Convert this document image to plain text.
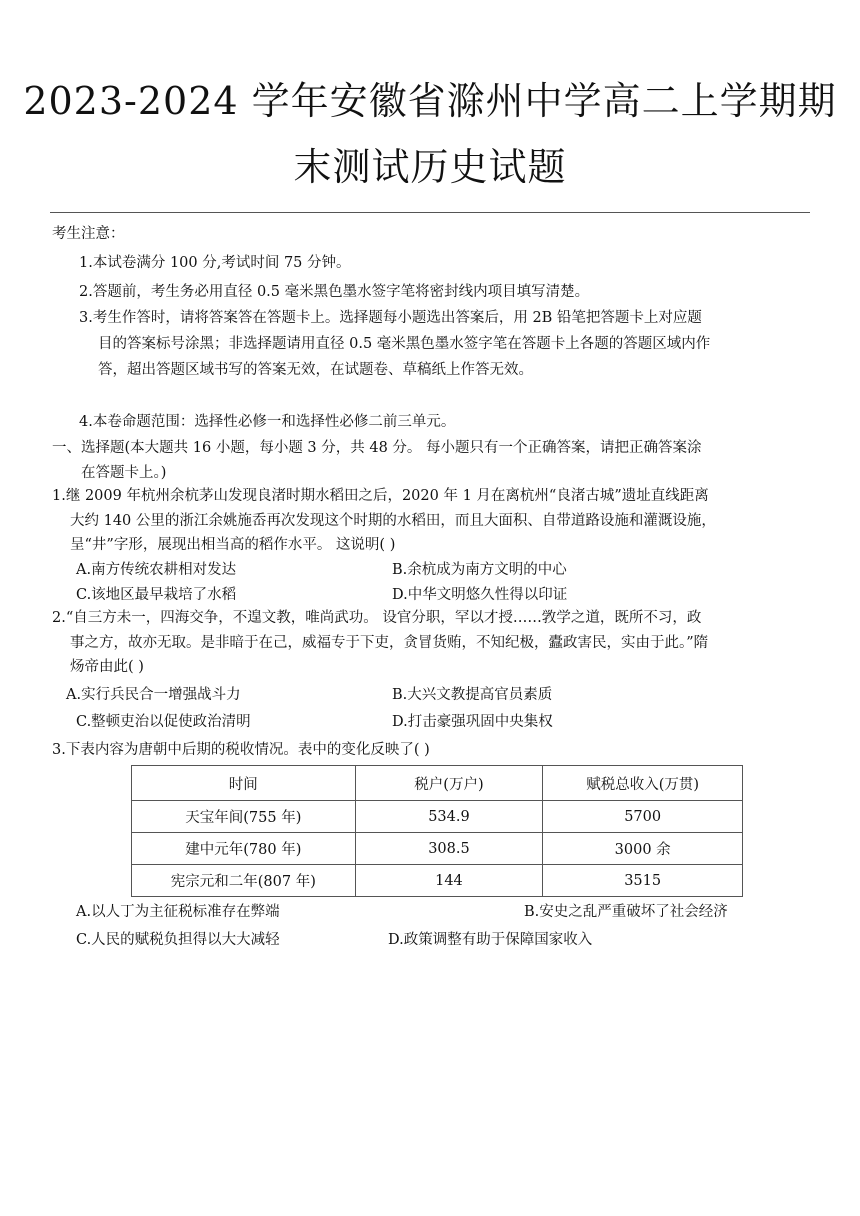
2023-2024 学年安徽省滁州中学高二上学期期
末测试历史试题
考生注意：
1.本试卷满分 100 分,考试时间 75 分钟。
2.答题前，考生务必用直径 0.5 毫米黑色墨水签字笔将密封线内项目填写清楚。
3.考生作答时，请将答案答在答题卡上。选择题每小题选出答案后，用 2B 铅笔把答题卡上对应题
目的答案标号涂黑；非选择题请用直径 0.5 毫米黑色墨水签字笔在答题卡上各题的答题区域内作
答，超出答题区域书写的答案无效，在试题卷、草稿纸上作答无效。
4.本卷命题范围：选择性必修一和选择性必修二前三单元。
一、选择题(本大题共 16 小题，每小题 3 分，共 48 分。 每小题只有一个正确答案，请把正确答案涂
在答题卡上。)
1.继 2009 年杭州余杭茅山发现良渚时期水稻田之后，2020 年 1 月在离杭州“良渚古城”遗址直线距离
大约 140 公里的浙江余姚施岙再次发现这个时期的水稻田，而且大面积、自带道路设施和灌溉设施，
呈“井”字形，展现出相当高的稻作水平。 这说明( )
A.南方传统农耕相对发达	B.余杭成为南方文明的中心
C.该地区最早栽培了水稻	D.中华文明悠久性得以印证
2.“自三方未一，四海交争，不遑文教，唯尚武功。 设官分职，罕以才授……敩学之道，既所不习，政
事之方，故亦无取。是非暗于在己，威福专于下吏，贪冒货贿，不知纪极，蠹政害民，实由于此。”隋
炀帝由此( )
A.实行兵民合一增强战斗力	B.大兴文教提高官员素质
C.整顿吏治以促使政治清明	D.打击豪强巩固中央集权
3.下表内容为唐朝中后期的税收情况。表中的变化反映了( )
时间	税户(万户)	赋税总收入(万贯)
天宝年间(755 年)	534.9	5700
建中元年(780 年)	308.5	3000 余
宪宗元和二年(807 年)	144	3515
A.以人丁为主征税标准存在弊端	B.安史之乱严重破坏了社会经济
C.人民的赋税负担得以大大减轻	D.政策调整有助于保障国家收入
